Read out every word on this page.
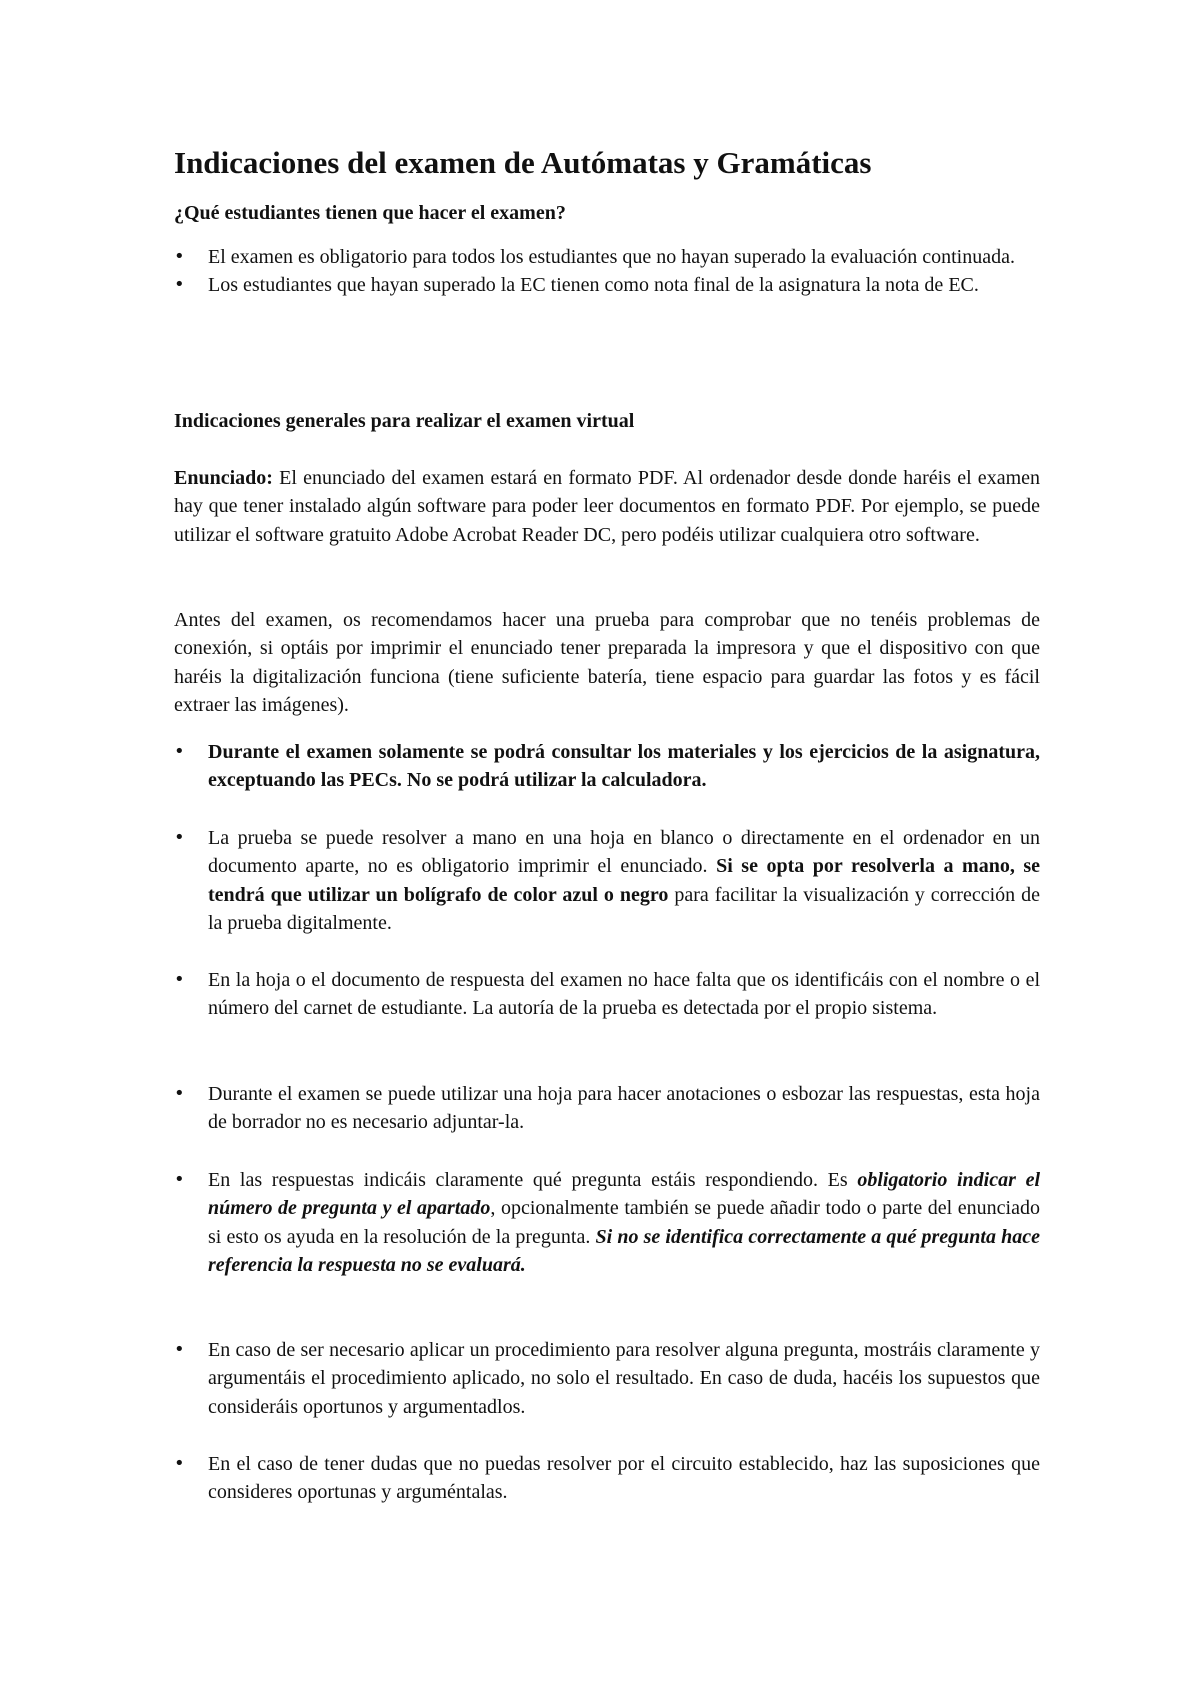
Indicaciones del examen de Autómatas y Gramáticas
¿Qué estudiantes tienen que hacer el examen?
•	El examen es obligatorio para todos los estudiantes que no hayan superado la evaluación continuada.
•	Los estudiantes que hayan superado la EC tienen como nota final de la asignatura la nota de EC.
Indicaciones generales para realizar el examen virtual

Enunciado: El enunciado del examen estará en formato PDF. Al ordenador desde donde haréis el examen hay que tener instalado algún software para poder leer documentos en formato PDF. Por ejemplo, se puede utilizar el software gratuito Adobe Acrobat Reader DC, pero podéis utilizar cualquiera otro software.

Antes del examen, os recomendamos hacer una prueba para comprobar que no tenéis problemas de conexión, si optáis por imprimir el enunciado tener preparada la impresora y que el dispositivo con que haréis la digitalización funciona (tiene suficiente batería, tiene espacio para guardar las fotos y es fácil extraer las imágenes).

•	Durante el examen solamente se podrá consultar los materiales y los ejercicios de la asignatura, exceptuando las PECs. No se podrá utilizar la calculadora.
•	La prueba se puede resolver a mano en una hoja en blanco o directamente en el ordenador en un documento aparte, no es obligatorio imprimir el enunciado. Si se opta por resolverla a mano, se tendrá que utilizar un bolígrafo de color azul o negro para facilitar la visualización y corrección de la prueba digitalmente.
•	En la hoja o el documento de respuesta del examen no hace falta que os identificáis con el nombre o el número del carnet de estudiante. La autoría de la prueba es detectada por el propio sistema.
•	Durante el examen se puede utilizar una hoja para hacer anotaciones o esbozar las respuestas, esta hoja de borrador no es necesario adjuntar-la.
•	En las respuestas indicáis claramente qué pregunta estáis respondiendo. Es obligatorio indicar el número de pregunta y el apartado, opcionalmente también se puede añadir todo o parte del enunciado si esto os ayuda en la resolución de la pregunta. Si no se identifica correctamente a qué pregunta hace referencia la respuesta no se evaluará.
•	En caso de ser necesario aplicar un procedimiento para resolver alguna pregunta, mostráis claramente y argumentáis el procedimiento aplicado, no solo el resultado. En caso de duda, hacéis los supuestos que consideráis oportunos y argumentadlos.
•	En el caso de tener dudas que no puedas resolver por el circuito establecido, haz las suposiciones que consideres oportunas y arguméntalas.
